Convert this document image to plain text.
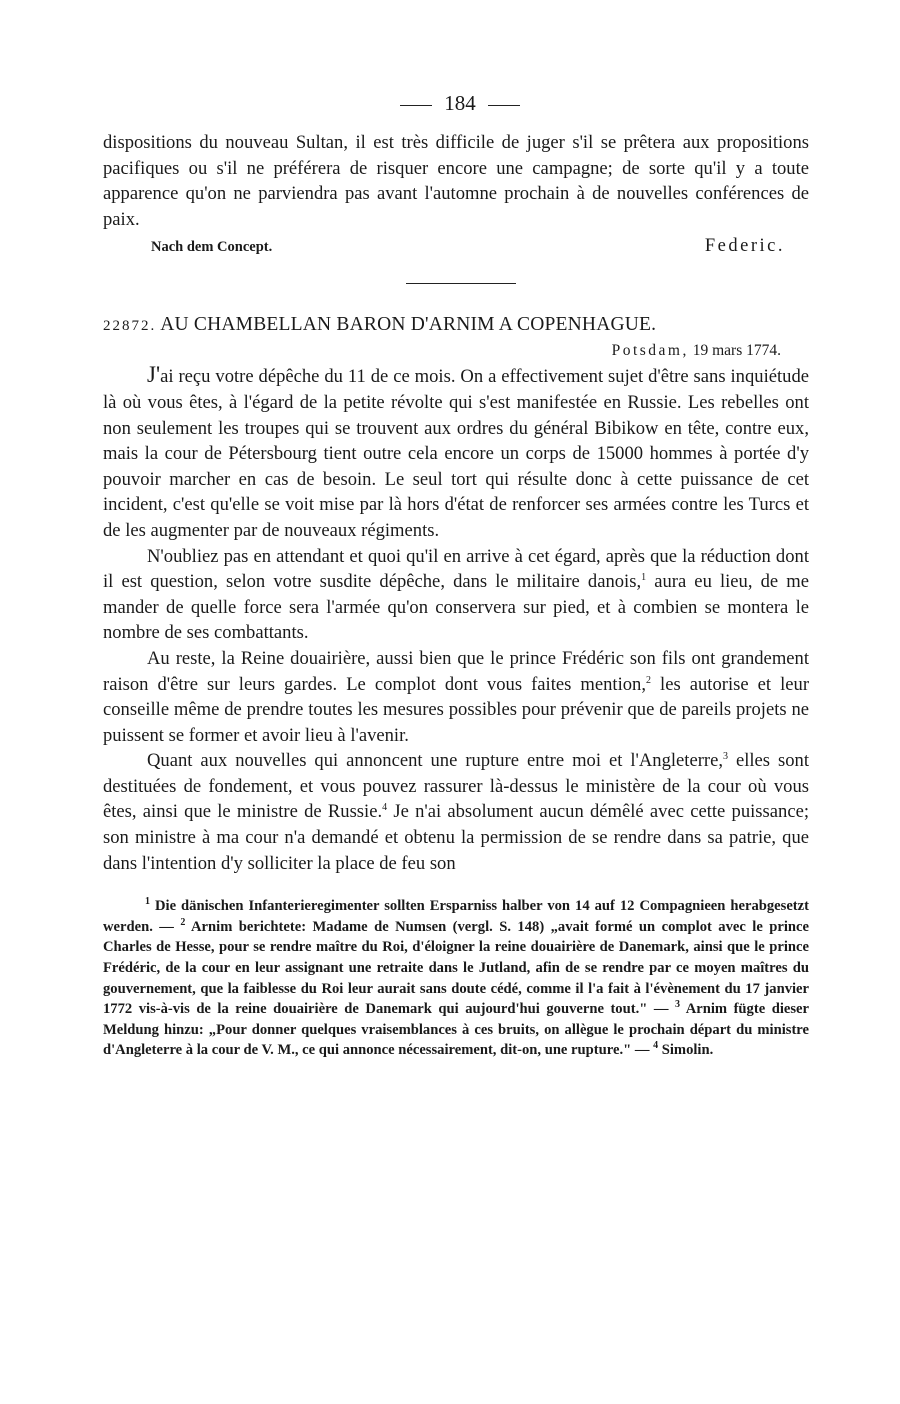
184

dispositions du nouveau Sultan, il est très difficile de juger s'il se prêtera aux propositions pacifiques ou s'il ne préférera de risquer encore une campagne; de sorte qu'il y a toute apparence qu'on ne parviendra pas avant l'automne prochain à de nouvelles conférences de paix.

Nach dem Concept.	Federic.
22872. AU CHAMBELLAN BARON D'ARNIM A COPENHAGUE.
Potsdam, 19 mars 1774.

J'ai reçu votre dépêche du 11 de ce mois. On a effectivement sujet d'être sans inquiétude là où vous êtes, à l'égard de la petite révolte qui s'est manifestée en Russie. Les rebelles ont non seulement les troupes qui se trouvent aux ordres du général Bibikow en tête, contre eux, mais la cour de Pétersbourg tient outre cela encore un corps de 15000 hommes à portée d'y pouvoir marcher en cas de besoin. Le seul tort qui résulte donc à cette puissance de cet incident, c'est qu'elle se voit mise par là hors d'état de renforcer ses armées contre les Turcs et de les augmenter par de nouveaux régiments.

N'oubliez pas en attendant et quoi qu'il en arrive à cet égard, après que la réduction dont il est question, selon votre susdite dépêche, dans le militaire danois,$^1$ aura eu lieu, de me mander de quelle force sera l'armée qu'on conservera sur pied, et à combien se montera le nombre de ses combattants.

Au reste, la Reine douairière, aussi bien que le prince Frédéric son fils ont grandement raison d'être sur leurs gardes. Le complot dont vous faites mention,$^2$ les autorise et leur conseille même de prendre toutes les mesures possibles pour prévenir que de pareils projets ne puissent se former et avoir lieu à l'avenir.

Quant aux nouvelles qui annoncent une rupture entre moi et l'Angleterre,$^3$ elles sont destituées de fondement, et vous pouvez rassurer là-dessus le ministère de la cour où vous êtes, ainsi que le ministre de Russie.$^4$ Je n'ai absolument aucun démêlé avec cette puissance; son ministre à ma cour n'a demandé et obtenu la permission de se rendre dans sa patrie, que dans l'intention d'y solliciter la place de feu son

$^1$ Die dänischen Infanterieregimenter sollten Ersparniss halber von 14 auf 12 Compagnieen herabgesetzt werden. — $^2$ Arnim berichtete: Madame de Numsen (vergl. S. 148) „avait formé un complot avec le prince Charles de Hesse, pour se rendre maître du Roi, d'éloigner la reine douairière de Danemark, ainsi que le prince Frédéric, de la cour en leur assignant une retraite dans le Jutland, afin de se rendre par ce moyen maîtres du gouvernement, que la faiblesse du Roi leur aurait sans doute cédé, comme il l'a fait à l'évènement du 17 janvier 1772 vis-à-vis de la reine douairière de Danemark qui aujourd'hui gouverne tout." — $^3$ Arnim fügte dieser Meldung hinzu: „Pour donner quelques vraisemblances à ces bruits, on allègue le prochain départ du ministre d'Angleterre à la cour de V. M., ce qui annonce nécessairement, dit-on, une rupture." — $^4$ Simolin.
